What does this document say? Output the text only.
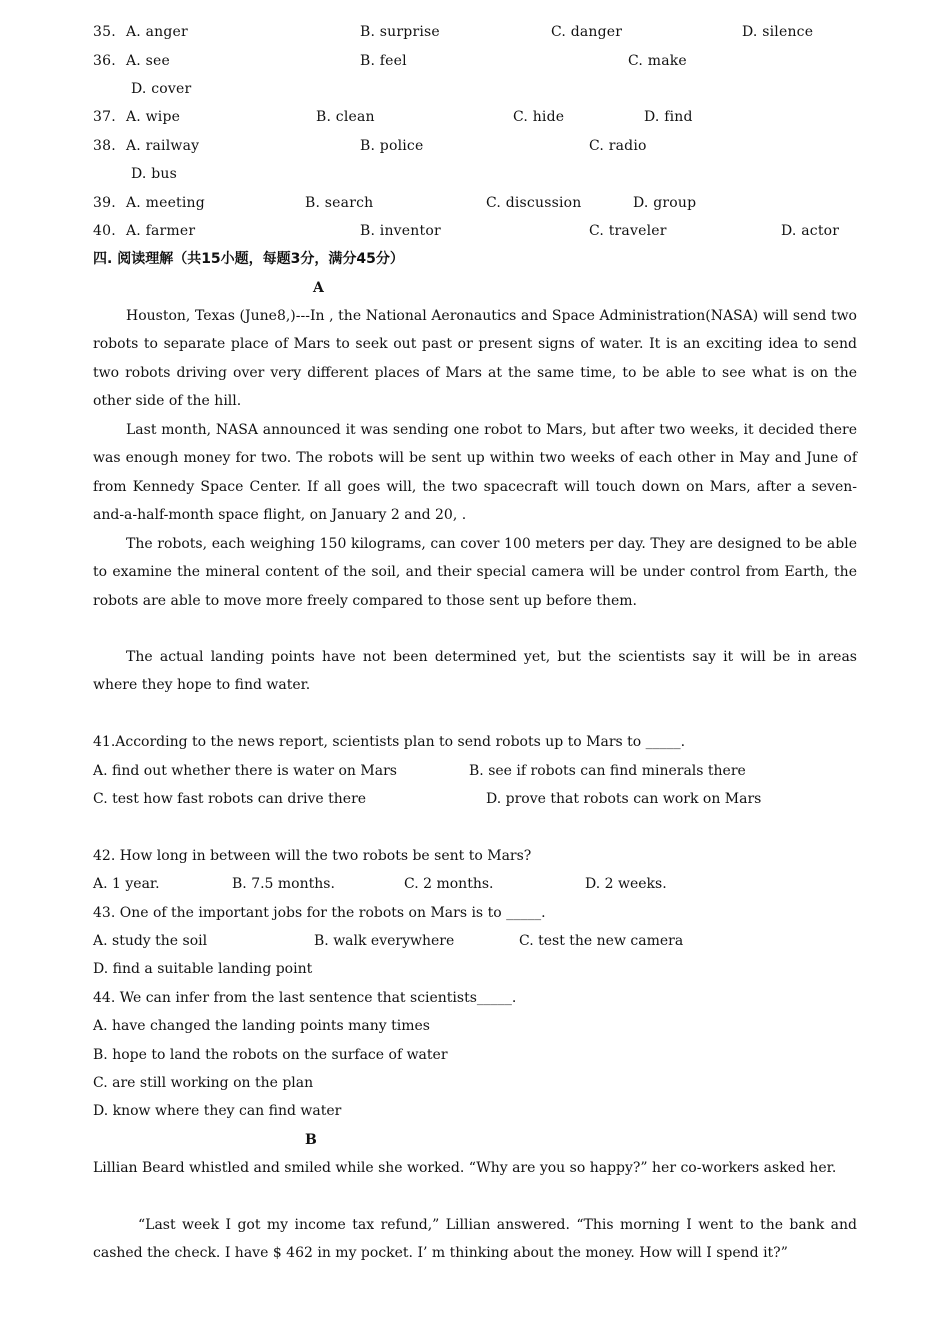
35. A. anger	B. surprise	C. danger	D. silence
36. A. see	B. feel	C. make
D. cover
37. A. wipe	B. clean	C. hide	D. find
38. A. railway	B. police	C. radio
D. bus
39. A. meeting	B. search	C. discussion	D. group
40. A. farmer	B. inventor	C. traveler	D. actor
四. 阅读理解（共15小题，每题3分，满分45分）
A

Houston, Texas (June8,)---In , the National Aeronautics and Space Administration(NASA) will send two robots to separate place of Mars to seek out past or present signs of water. It is an exciting idea to send two robots driving over very different places of Mars at the same time, to be able to see what is on the other side of the hill.

Last month, NASA announced it was sending one robot to Mars, but after two weeks, it decided there was enough money for two. The robots will be sent up within two weeks of each other in May and June of from Kennedy Space Center. If all goes will, the two spacecraft will touch down on Mars, after a seven-and-a-half-month space flight, on January 2 and 20, .

The robots, each weighing 150 kilograms, can cover 100 meters per day. They are designed to be able to examine the mineral content of the soil, and their special camera will be under control from Earth, the robots are able to move more freely compared to those sent up before them.

The actual landing points have not been determined yet, but the scientists say it will be in areas where they hope to find water.

41.According to the news report, scientists plan to send robots up to Mars to _____.
A. find out whether there is water on Mars	B. see if robots can find minerals there
C. test how fast robots can drive there	D. prove that robots can work on Mars
42. How long in between will the two robots be sent to Mars?
A. 1 year.	B. 7.5 months.	C. 2 months.	D. 2 weeks.
43. One of the important jobs for the robots on Mars is to _____.
A. study the soil	B. walk everywhere	C. test the new camera
D. find a suitable landing point
44. We can infer from the last sentence that scientists_____.
A. have changed the landing points many times
B. hope to land the robots on the surface of water
C. are still working on the plan
D. know where they can find water
B

Lillian Beard whistled and smiled while she worked. “Why are you so happy?” her co-workers asked her.

“Last week I got my income tax refund,” Lillian answered. “This morning I went to the bank and cashed the check. I have $ 462 in my pocket. I’ m thinking about the money. How will I spend it?”
